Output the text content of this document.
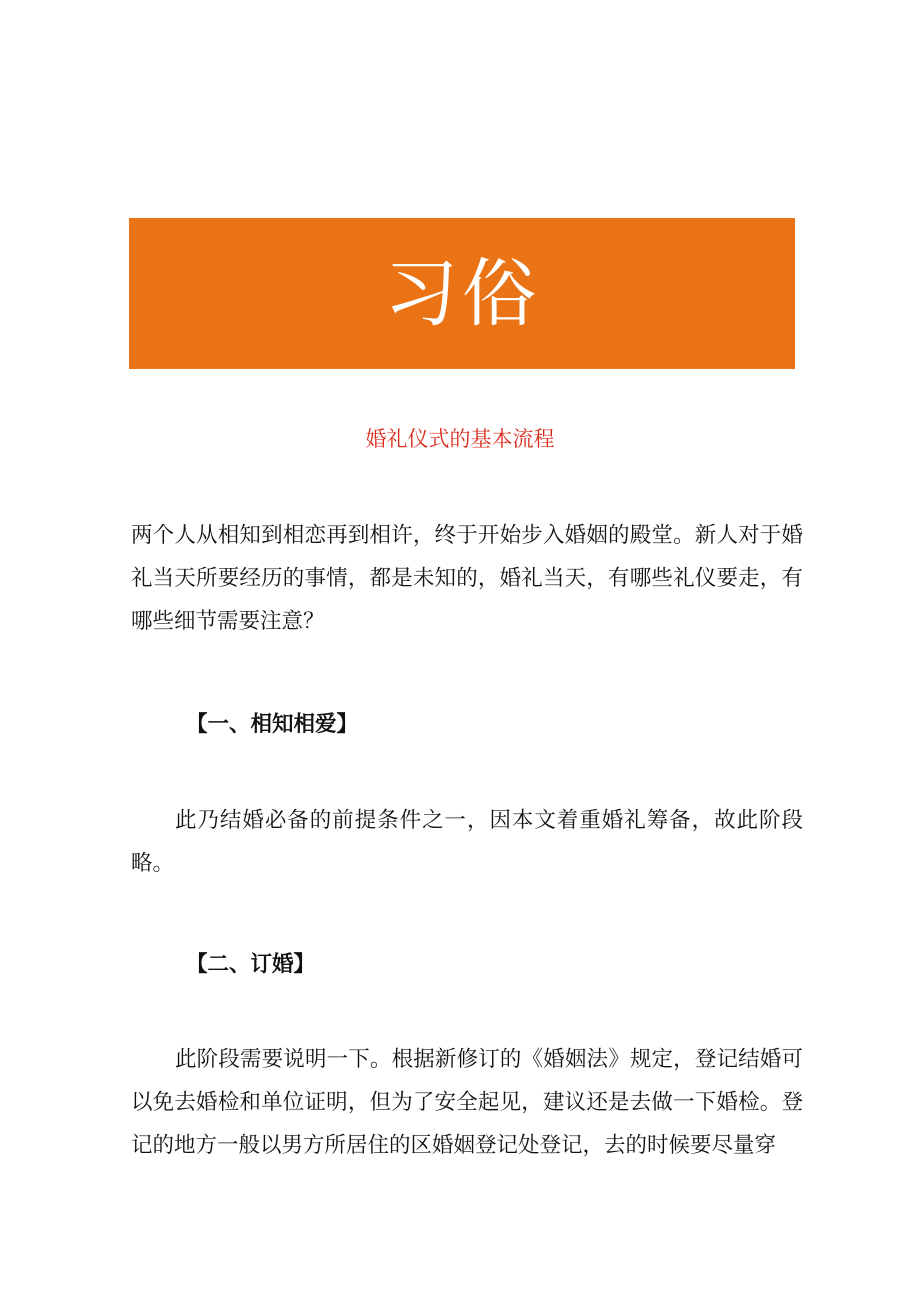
习俗
婚礼仪式的基本流程

两个人从相知到相恋再到相许，终于开始步入婚姻的殿堂。新人对于婚礼当天所要经历的事情，都是未知的，婚礼当天，有哪些礼仪要走，有哪些细节需要注意？

【一、相知相爱】

此乃结婚必备的前提条件之一，因本文着重婚礼筹备，故此阶段略。

【二、订婚】

此阶段需要说明一下。根据新修订的《婚姻法》规定，登记结婚可以免去婚检和单位证明，但为了安全起见，建议还是去做一下婚检。登记的地方一般以男方所居住的区婚姻登记处登记，去的时候要尽量穿
